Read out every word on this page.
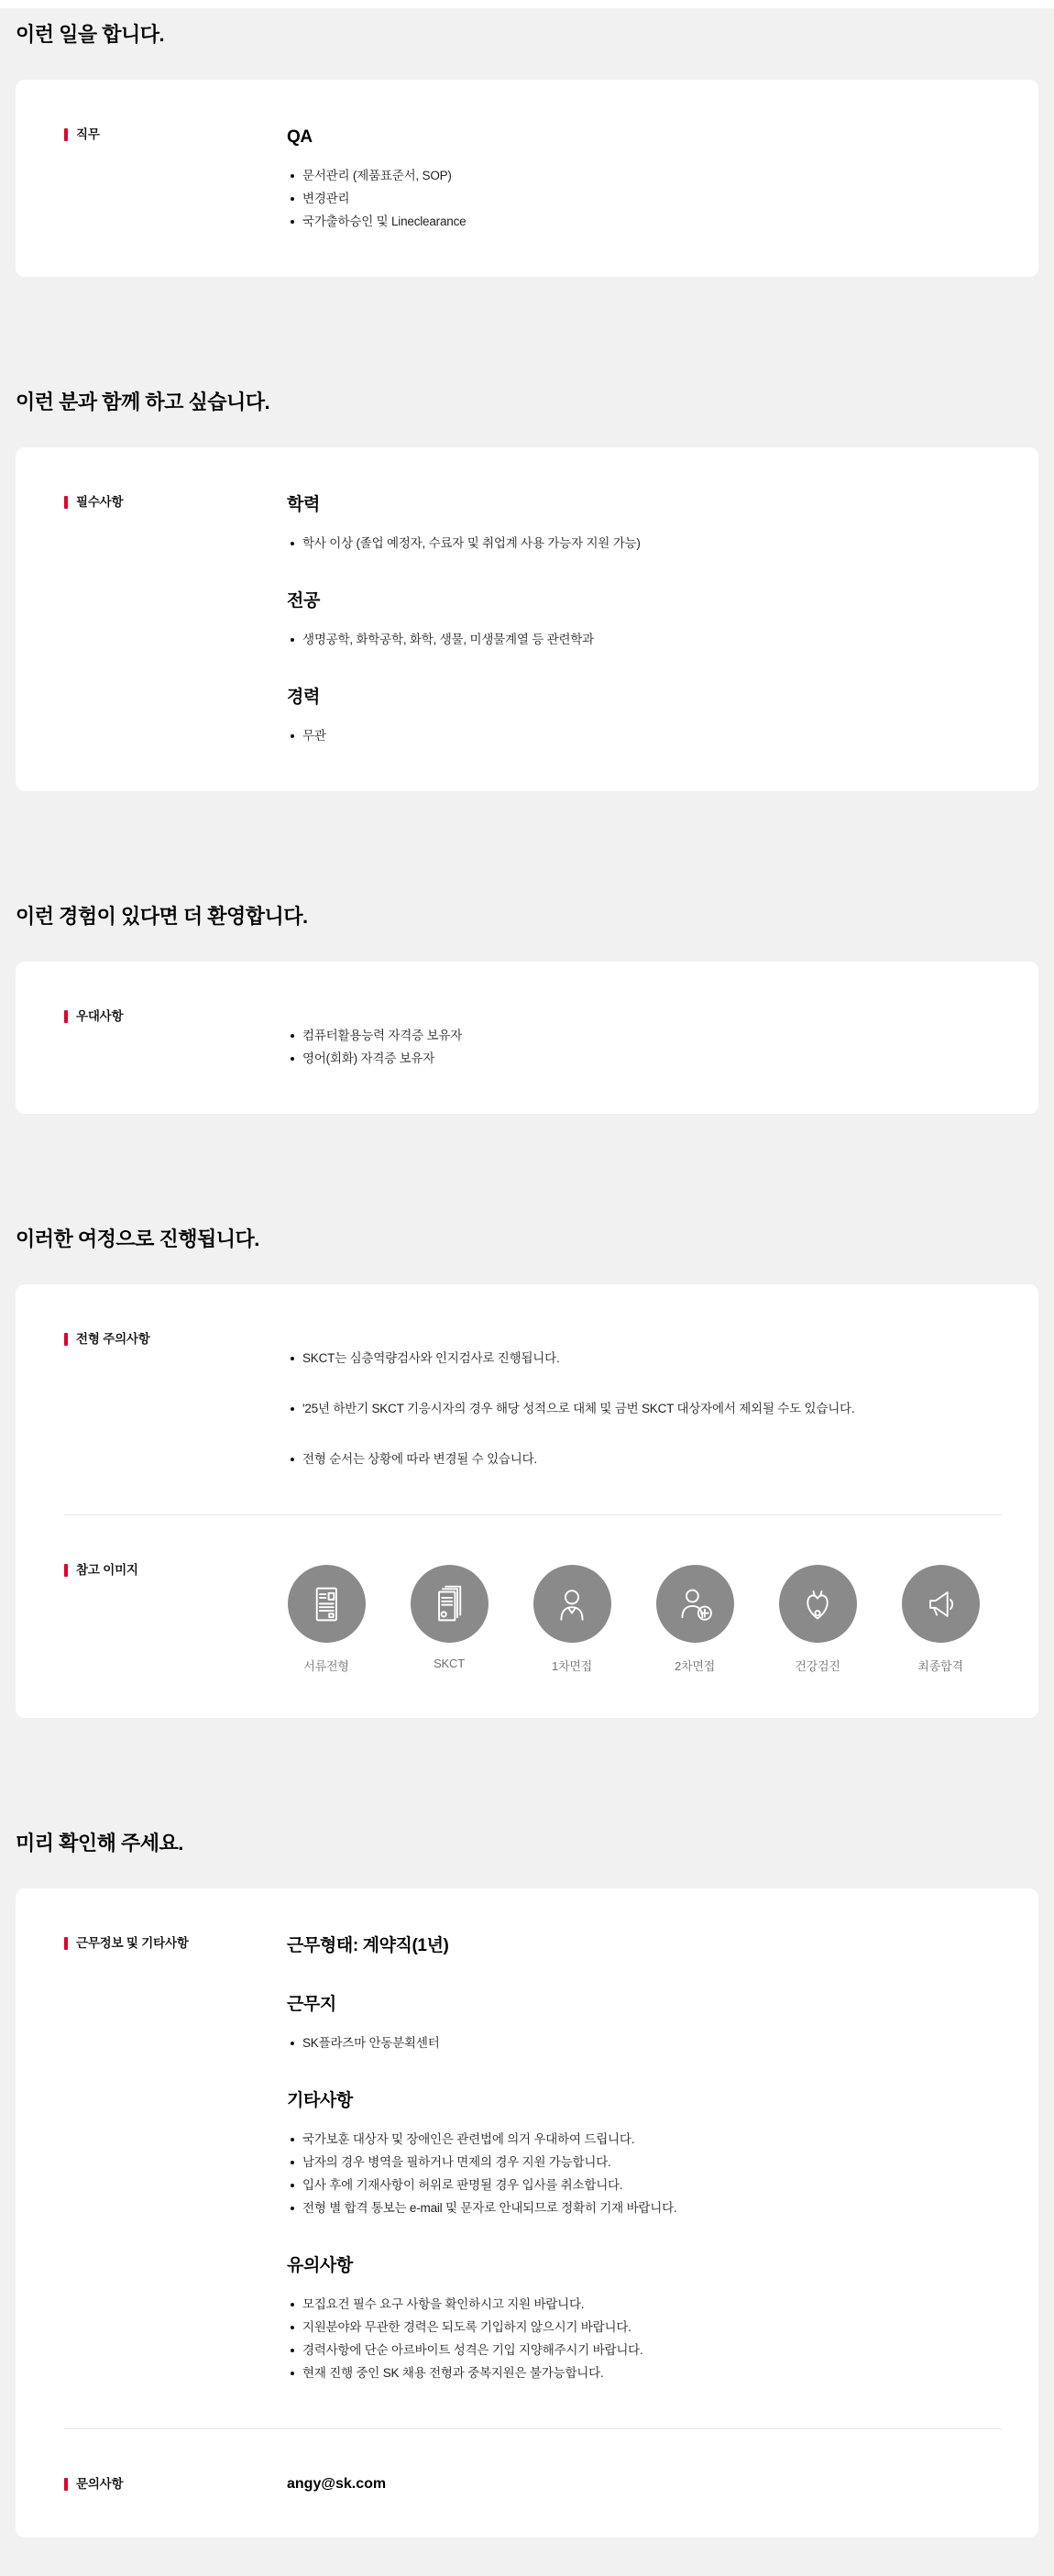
이런 일을 합니다.
직무	QA
문서관리 (제품표준서, SOP)
변경관리
국가출하승인 및 Lineclearance
이런 분과 함께 하고 싶습니다.
필수사항	학력
학사 이상 (졸업 예정자, 수료자 및 취업계 사용 가능자 지원 가능)
전공
생명공학, 화학공학, 화학, 생물, 미생물계열 등 관련학과
경력
무관
이런 경험이 있다면 더 환영합니다.
우대사항
컴퓨터활용능력 자격증 보유자
영어(회화) 자격증 보유자
이러한 여정으로 진행됩니다.
전형 주의사항
SKCT는 심층역량검사와 인지검사로 진행됩니다.
'25년 하반기 SKCT 기응시자의 경우 해당 성적으로 대체 및 금번 SKCT 대상자에서 제외될 수도 있습니다.
전형 순서는 상황에 따라 변경될 수 있습니다.
참고 이미지
서류전형	SKCT	1차면접	2차면접	건강검진	최종합격
미리 확인해 주세요.
근무정보 및 기타사항	근무형태: 계약직(1년)
근무지
SK플라즈마 안동분획센터
기타사항
국가보훈 대상자 및 장애인은 관련법에 의거 우대하여 드립니다.
남자의 경우 병역을 필하거나 면제의 경우 지원 가능합니다.
입사 후에 기재사항이 허위로 판명될 경우 입사를 취소합니다.
전형 별 합격 통보는 e-mail 및 문자로 안내되므로 정확히 기재 바랍니다.
유의사항
모집요건 필수 요구 사항을 확인하시고 지원 바랍니다.
지원분야와 무관한 경력은 되도록 기입하지 않으시기 바랍니다.
경력사항에 단순 아르바이트 성격은 기입 지양해주시기 바랍니다.
현재 진행 중인 SK 채용 전형과 중복지원은 불가능합니다.
문의사항	angy@sk.com
